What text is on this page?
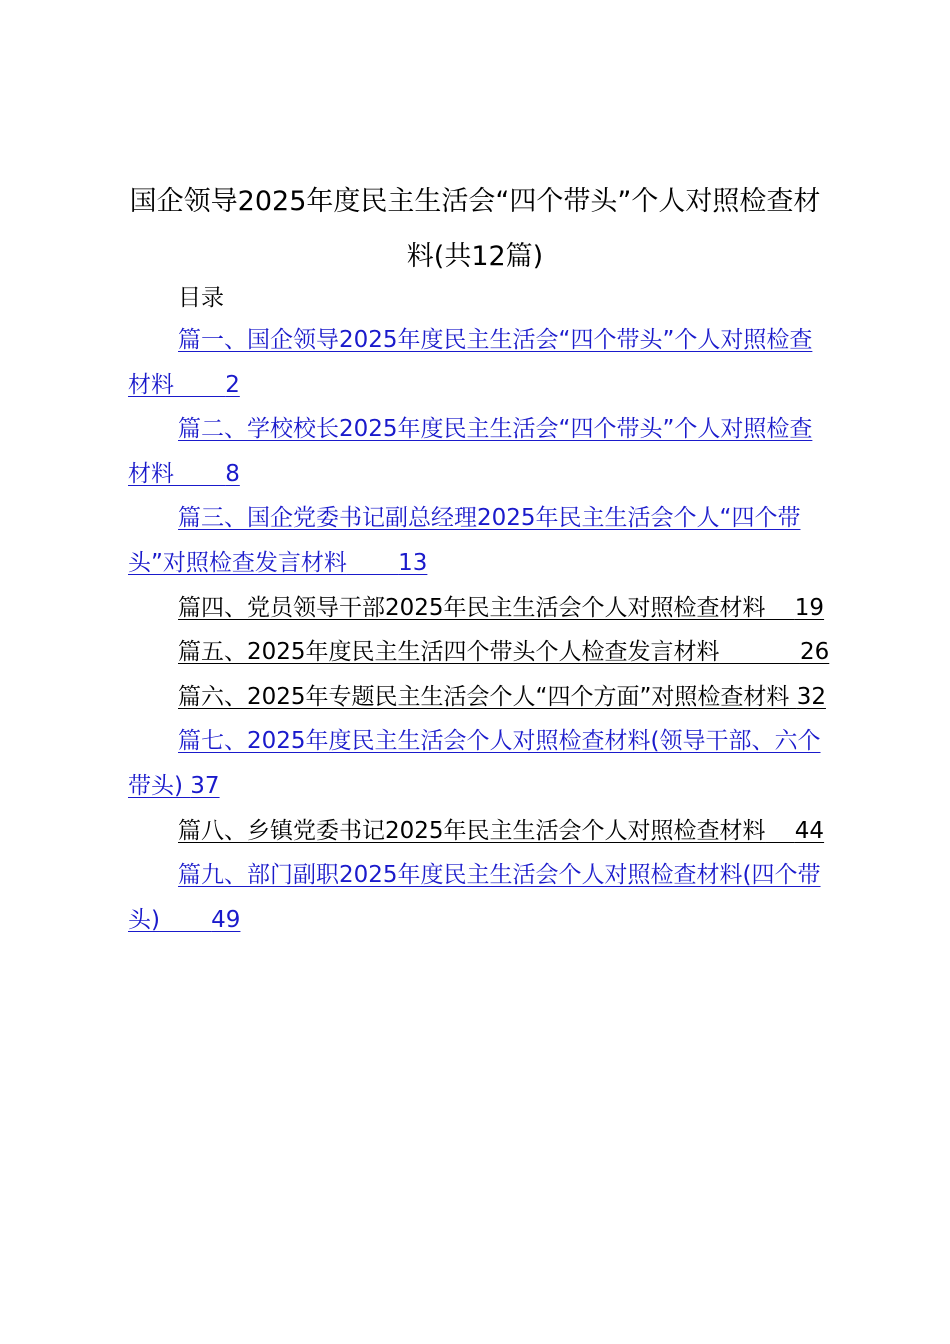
国企领导2025年度民主生活会“四个带头”个人对照检查材料(共12篇)
目录
篇一、国企领导2025年度民主生活会“四个带头”个人对照检查材料 2
篇二、学校校长2025年度民主生活会“四个带头”个人对照检查材料 8
篇三、国企党委书记副总经理2025年民主生活会个人“四个带头”对照检查发言材料 13
篇四、党员领导干部2025年民主生活会个人对照检查材料 19
篇五、2025年度民主生活四个带头个人检查发言材料	26
篇六、2025年专题民主生活会个人“四个方面”对照检查材料 32
篇七、2025年度民主生活会个人对照检查材料(领导干部、六个带头) 37
篇八、乡镇党委书记2025年民主生活会个人对照检查材料 44
篇九、部门副职2025年度民主生活会个人对照检查材料(四个带头) 49
